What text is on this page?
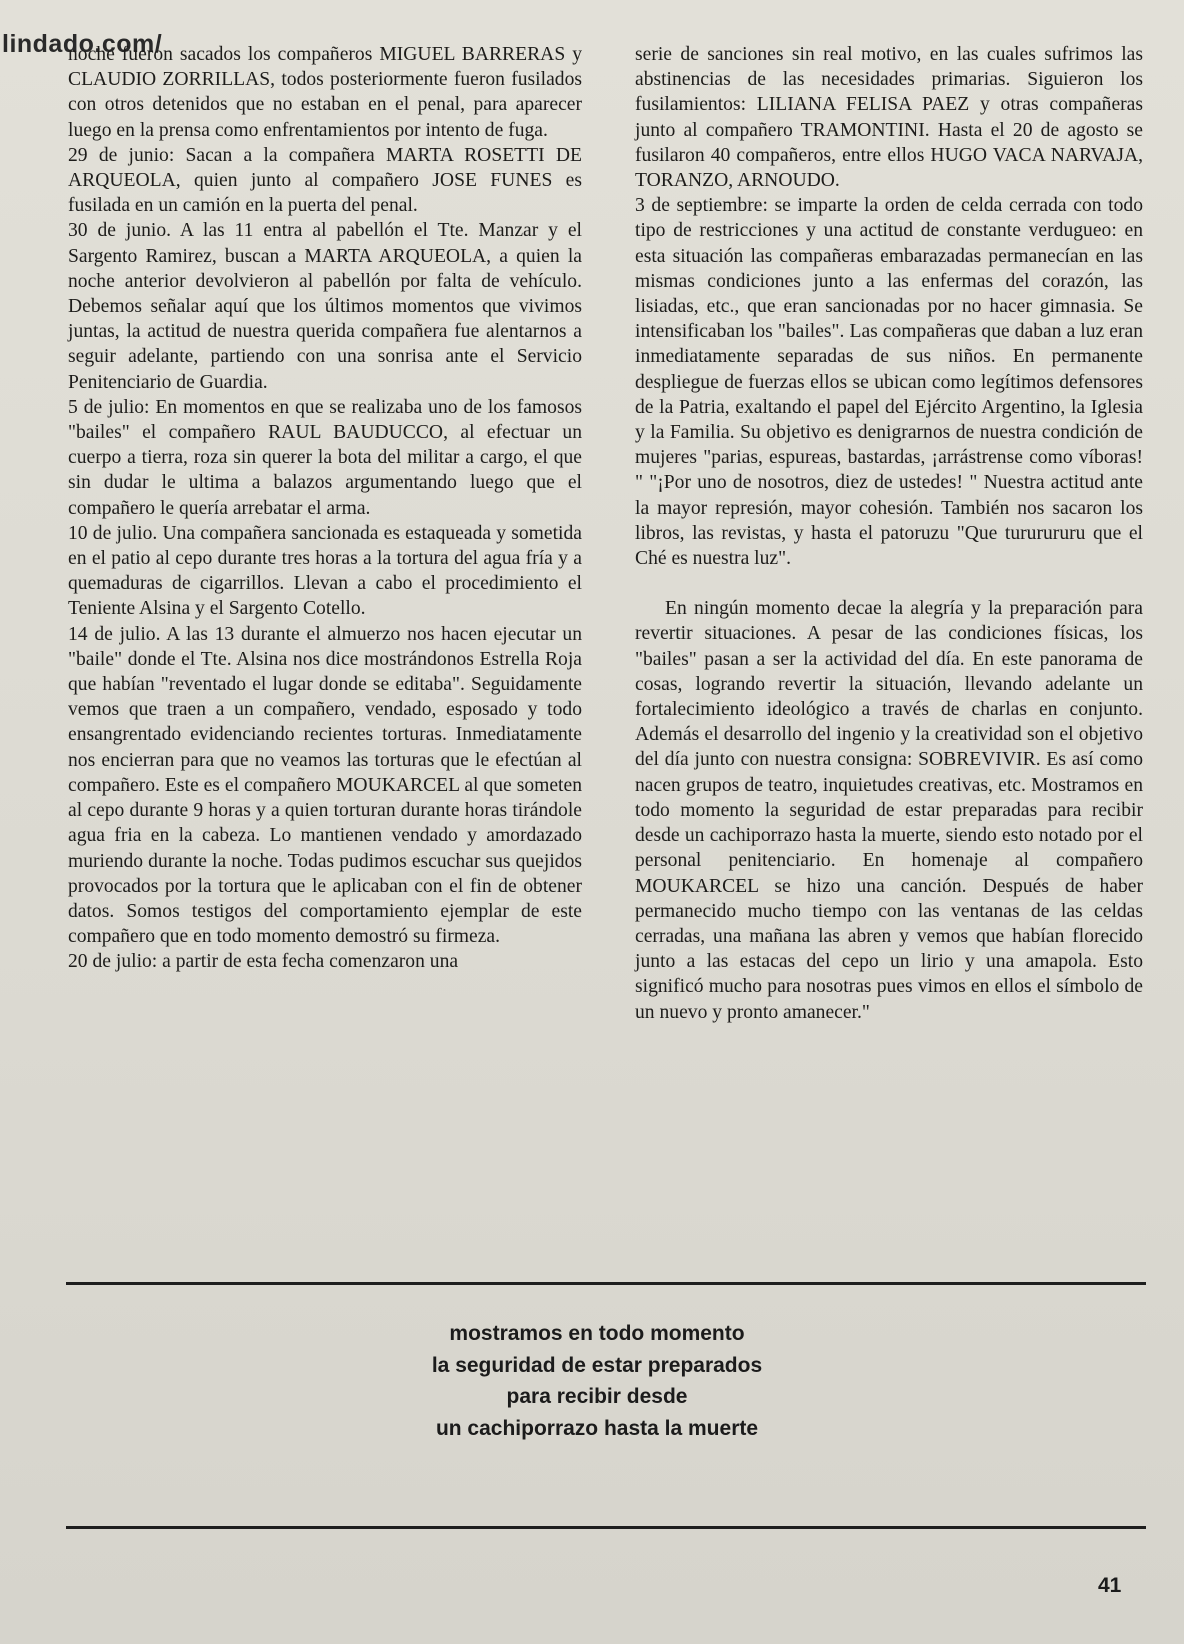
lindado.com/

noche fueron sacados los compañeros MIGUEL BARRERAS y CLAUDIO ZORRILLAS, todos posteriormente fueron fusilados con otros detenidos que no estaban en el penal, para aparecer luego en la prensa como enfrentamientos por intento de fuga.

29 de junio: Sacan a la compañera MARTA ROSETTI DE ARQUEOLA, quien junto al compañero JOSE FUNES es fusilada en un camión en la puerta del penal.

30 de junio. A las 11 entra al pabellón el Tte. Manzar y el Sargento Ramirez, buscan a MARTA ARQUEOLA, a quien la noche anterior devolvieron al pabellón por falta de vehículo. Debemos señalar aquí que los últimos momentos que vivimos juntas, la actitud de nuestra querida compañera fue alentarnos a seguir adelante, partiendo con una sonrisa ante el Servicio Penitenciario de Guardia.

5 de julio: En momentos en que se realizaba uno de los famosos "bailes" el compañero RAUL BAUDUCCO, al efectuar un cuerpo a tierra, roza sin querer la bota del militar a cargo, el que sin dudar le ultima a balazos argumentando luego que el compañero le quería arrebatar el arma.

10 de julio. Una compañera sancionada es estaqueada y sometida en el patio al cepo durante tres horas a la tortura del agua fría y a quemaduras de cigarrillos. Llevan a cabo el procedimiento el Teniente Alsina y el Sargento Cotello.

14 de julio. A las 13 durante el almuerzo nos hacen ejecutar un "baile" donde el Tte. Alsina nos dice mostrándonos Estrella Roja que habían "reventado el lugar donde se editaba". Seguidamente vemos que traen a un compañero, vendado, esposado y todo ensangrentado evidenciando recientes torturas. Inmediatamente nos encierran para que no veamos las torturas que le efectúan al compañero. Este es el compañero MOUKARCEL al que someten al cepo durante 9 horas y a quien torturan durante horas tirándole agua fria en la cabeza. Lo mantienen vendado y amordazado muriendo durante la noche. Todas pudimos escuchar sus quejidos provocados por la tortura que le aplicaban con el fin de obtener datos. Somos testigos del comportamiento ejemplar de este compañero que en todo momento demostró su firmeza.

20 de julio: a partir de esta fecha comenzaron una

serie de sanciones sin real motivo, en las cuales sufrimos las abstinencias de las necesidades primarias. Siguieron los fusilamientos: LILIANA FELISA PAEZ y otras compañeras junto al compañero TRAMONTINI. Hasta el 20 de agosto se fusilaron 40 compañeros, entre ellos HUGO VACA NARVAJA, TORANZO, ARNOUDO.

3 de septiembre: se imparte la orden de celda cerrada con todo tipo de restricciones y una actitud de constante verdugueo: en esta situación las compañeras embarazadas permanecían en las mismas condiciones junto a las enfermas del corazón, las lisiadas, etc., que eran sancionadas por no hacer gimnasia. Se intensificaban los "bailes". Las compañeras que daban a luz eran inmediatamente separadas de sus niños. En permanente despliegue de fuerzas ellos se ubican como legítimos defensores de la Patria, exaltando el papel del Ejército Argentino, la Iglesia y la Familia. Su objetivo es denigrarnos de nuestra condición de mujeres "parias, espureas, bastardas, ¡arrástrense como víboras! " "¡Por uno de nosotros, diez de ustedes! " Nuestra actitud ante la mayor represión, mayor cohesión. También nos sacaron los libros, las revistas, y hasta el patoruzu "Que tururururu que el Ché es nuestra luz".

En ningún momento decae la alegría y la preparación para revertir situaciones. A pesar de las condiciones físicas, los "bailes" pasan a ser la actividad del día. En este panorama de cosas, logrando revertir la situación, llevando adelante un fortalecimiento ideológico a través de charlas en conjunto. Además el desarrollo del ingenio y la creatividad son el objetivo del día junto con nuestra consigna: SOBREVIVIR. Es así como nacen grupos de teatro, inquietudes creativas, etc. Mostramos en todo momento la seguridad de estar preparadas para recibir desde un cachiporrazo hasta la muerte, siendo esto notado por el personal penitenciario. En homenaje al compañero MOUKARCEL se hizo una canción. Después de haber permanecido mucho tiempo con las ventanas de las celdas cerradas, una mañana las abren y vemos que habían florecido junto a las estacas del cepo un lirio y una amapola. Esto significó mucho para nosotras pues vimos en ellos el símbolo de un nuevo y pronto amanecer."

mostramos en todo momento
la seguridad de estar preparados
para recibir desde
un cachiporrazo hasta la muerte
41
